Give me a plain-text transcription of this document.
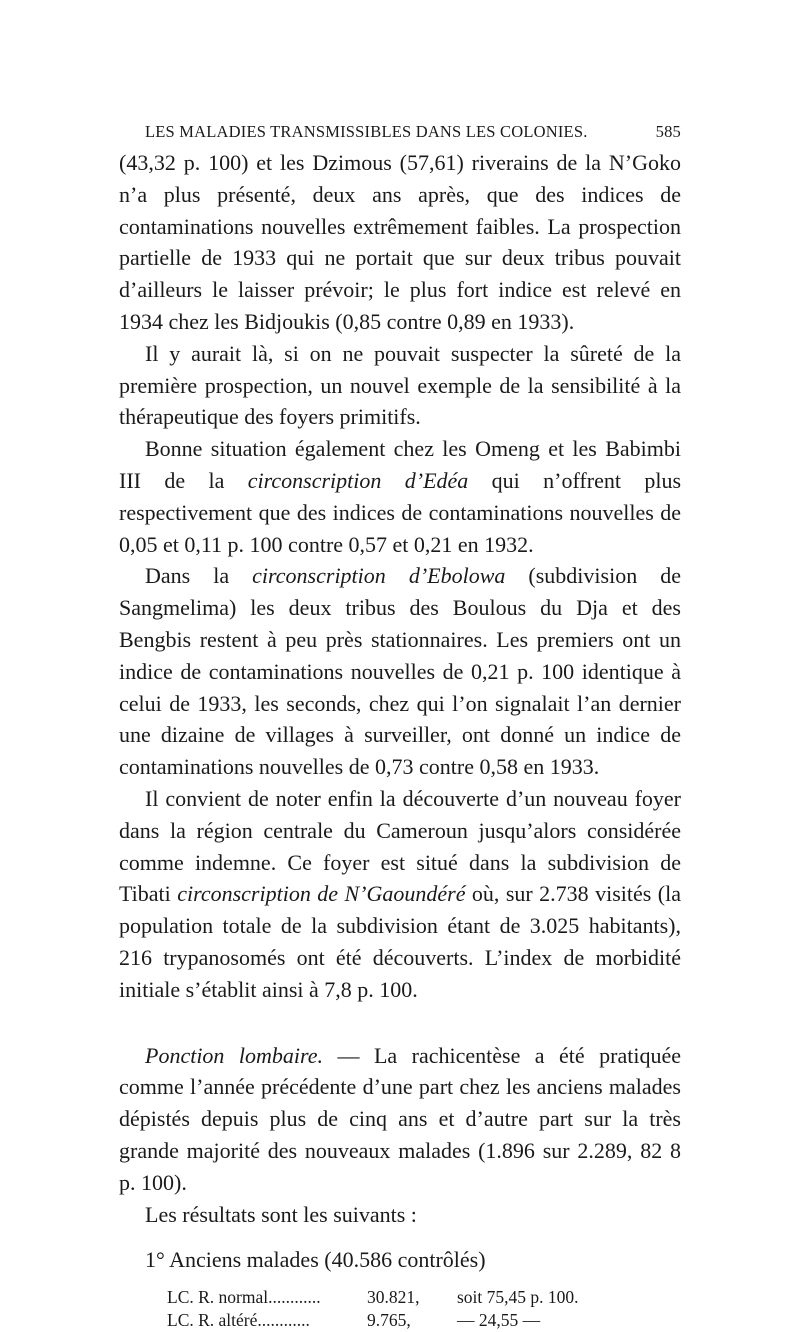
LES MALADIES TRANSMISSIBLES DANS LES COLONIES.	585

(43,32 p. 100) et les Dzimous (57,61) riverains de la N’Goko n’a plus présenté, deux ans après, que des indices de contaminations nouvelles extrêmement faibles. La prospection partielle de 1933 qui ne portait que sur deux tribus pouvait d’ailleurs le laisser prévoir; le plus fort indice est relevé en 1934 chez les Bidjoukis (0,85 contre 0,89 en 1933).

Il y aurait là, si on ne pouvait suspecter la sûreté de la première prospection, un nouvel exemple de la sensibilité à la thérapeutique des foyers primitifs.

Bonne situation également chez les Omeng et les Babimbi III de la circonscription d’Edéa qui n’offrent plus respectivement que des indices de contaminations nouvelles de 0,05 et 0,11 p. 100 contre 0,57 et 0,21 en 1932.

Dans la circonscription d’Ebolowa (subdivision de Sangmelima) les deux tribus des Boulous du Dja et des Bengbis restent à peu près stationnaires. Les premiers ont un indice de contaminations nouvelles de 0,21 p. 100 identique à celui de 1933, les seconds, chez qui l’on signalait l’an dernier une dizaine de villages à surveiller, ont donné un indice de contaminations nouvelles de 0,73 contre 0,58 en 1933.

Il convient de noter enfin la découverte d’un nouveau foyer dans la région centrale du Cameroun jusqu’alors considérée comme indemne. Ce foyer est situé dans la subdivision de Tibati circonscription de N’Gaoundéré où, sur 2.738 visités (la population totale de la subdivision étant de 3.025 habitants), 216 trypanosomés ont été découverts. L’index de morbidité initiale s’établit ainsi à 7,8 p. 100.

Ponction lombaire. — La rachicentèse a été pratiquée comme l’année précédente d’une part chez les anciens malades dépistés depuis plus de cinq ans et d’autre part sur la très grande majorité des nouveaux malades (1.896 sur 2.289, 82 8 p. 100).

Les résultats sont les suivants :

1° Anciens malades (40.586 contrôlés)
LC. R. normal............	30.821,	soit 75,45 p. 100.
LC. R. altéré............	9.765,	— 24,55 —
